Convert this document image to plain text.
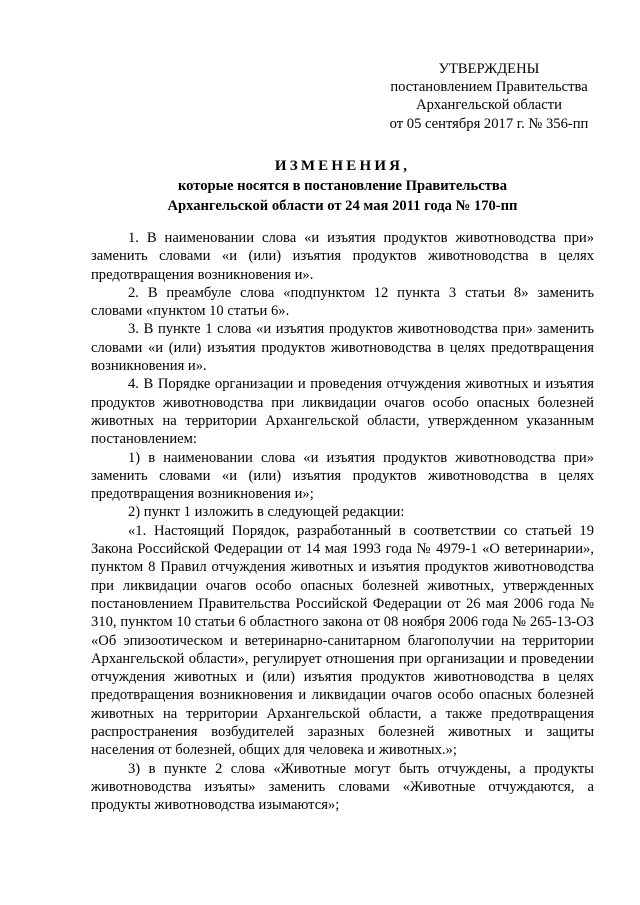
УТВЕРЖДЕНЫ
постановлением Правительства
Архангельской области
от 05 сентября 2017 г. № 356-пп
ИЗМЕНЕНИЯ,
которые носятся в постановление Правительства
Архангельской области от 24 мая 2011 года № 170-пп

1. В наименовании слова «и изъятия продуктов животноводства при» заменить словами «и (или) изъятия продуктов животноводства в целях предотвращения возникновения и».

2. В преамбуле слова «подпунктом 12 пункта 3 статьи 8» заменить словами «пунктом 10 статьи 6».

3. В пункте 1 слова «и изъятия продуктов животноводства при» заменить словами «и (или) изъятия продуктов животноводства в целях предотвращения возникновения и».

4. В Порядке организации и проведения отчуждения животных и изъятия продуктов животноводства при ликвидации очагов особо опасных болезней животных на территории Архангельской области, утвержденном указанным постановлением:

1) в наименовании слова «и изъятия продуктов животноводства при» заменить словами «и (или) изъятия продуктов животноводства в целях предотвращения возникновения и»;

2) пункт 1 изложить в следующей редакции:

«1. Настоящий Порядок, разработанный в соответствии со статьей 19 Закона Российской Федерации от 14 мая 1993 года № 4979-1 «О ветеринарии», пунктом 8 Правил отчуждения животных и изъятия продуктов животноводства при ликвидации очагов особо опасных болезней животных, утвержденных постановлением Правительства Российской Федерации от 26 мая 2006 года № 310, пунктом 10 статьи 6 областного закона от 08 ноября 2006 года № 265-13-ОЗ «Об эпизоотическом и ветеринарно-санитарном благополучии на территории Архангельской области», регулирует отношения при организации и проведении отчуждения животных и (или) изъятия продуктов животноводства в целях предотвращения возникновения и ликвидации очагов особо опасных болезней животных на территории Архангельской области, а также предотвращения распространения возбудителей заразных болезней животных и защиты населения от болезней, общих для человека и животных.»;

3) в пункте 2 слова «Животные могут быть отчуждены, а продукты животноводства изъяты» заменить словами «Животные отчуждаются, а продукты животноводства изымаются»;
